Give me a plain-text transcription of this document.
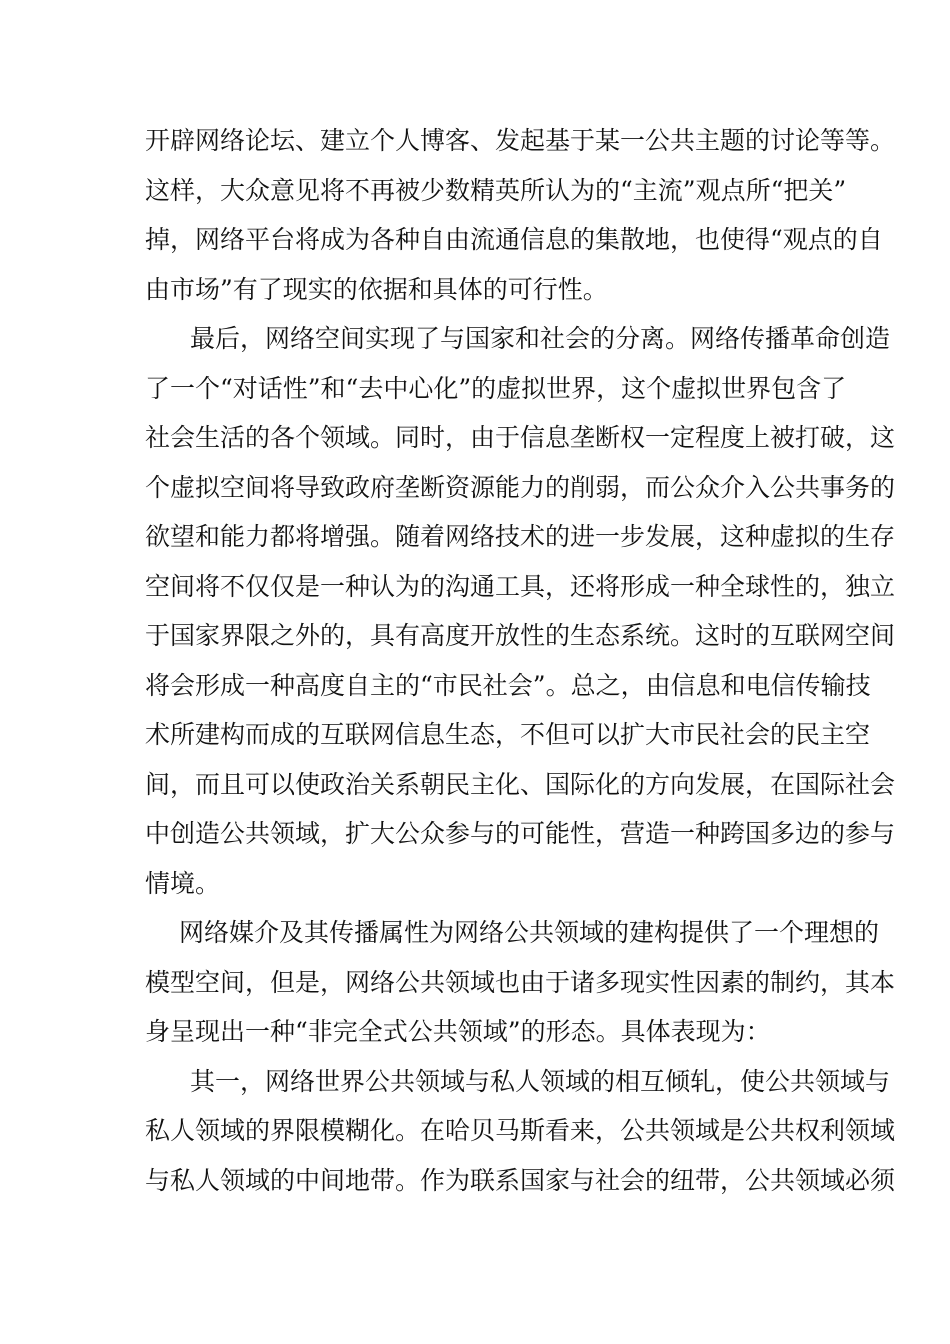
开辟网络论坛、建立个人博客、发起基于某一公共主题的讨论等等。
这样，大众意见将不再被少数精英所认为的“主流”观点所“把关”
掉，网络平台将成为各种自由流通信息的集散地，也使得“观点的自
由市场”有了现实的依据和具体的可行性。
最后，网络空间实现了与国家和社会的分离。网络传播革命创造
了一个“对话性”和“去中心化”的虚拟世界，这个虚拟世界包含了
社会生活的各个领域。同时，由于信息垄断权一定程度上被打破，这
个虚拟空间将导致政府垄断资源能力的削弱，而公众介入公共事务的
欲望和能力都将增强。随着网络技术的进一步发展，这种虚拟的生存
空间将不仅仅是一种认为的沟通工具，还将形成一种全球性的，独立
于国家界限之外的，具有高度开放性的生态系统。这时的互联网空间
将会形成一种高度自主的“市民社会”。总之，由信息和电信传输技
术所建构而成的互联网信息生态，不但可以扩大市民社会的民主空
间，而且可以使政治关系朝民主化、国际化的方向发展，在国际社会
中创造公共领域，扩大公众参与的可能性，营造一种跨国多边的参与
情境。
网络媒介及其传播属性为网络公共领域的建构提供了一个理想的
模型空间，但是，网络公共领域也由于诸多现实性因素的制约，其本
身呈现出一种“非完全式公共领域”的形态。具体表现为：
其一，网络世界公共领域与私人领域的相互倾轧，使公共领域与
私人领域的界限模糊化。在哈贝马斯看来，公共领域是公共权利领域
与私人领域的中间地带。作为联系国家与社会的纽带，公共领域必须
